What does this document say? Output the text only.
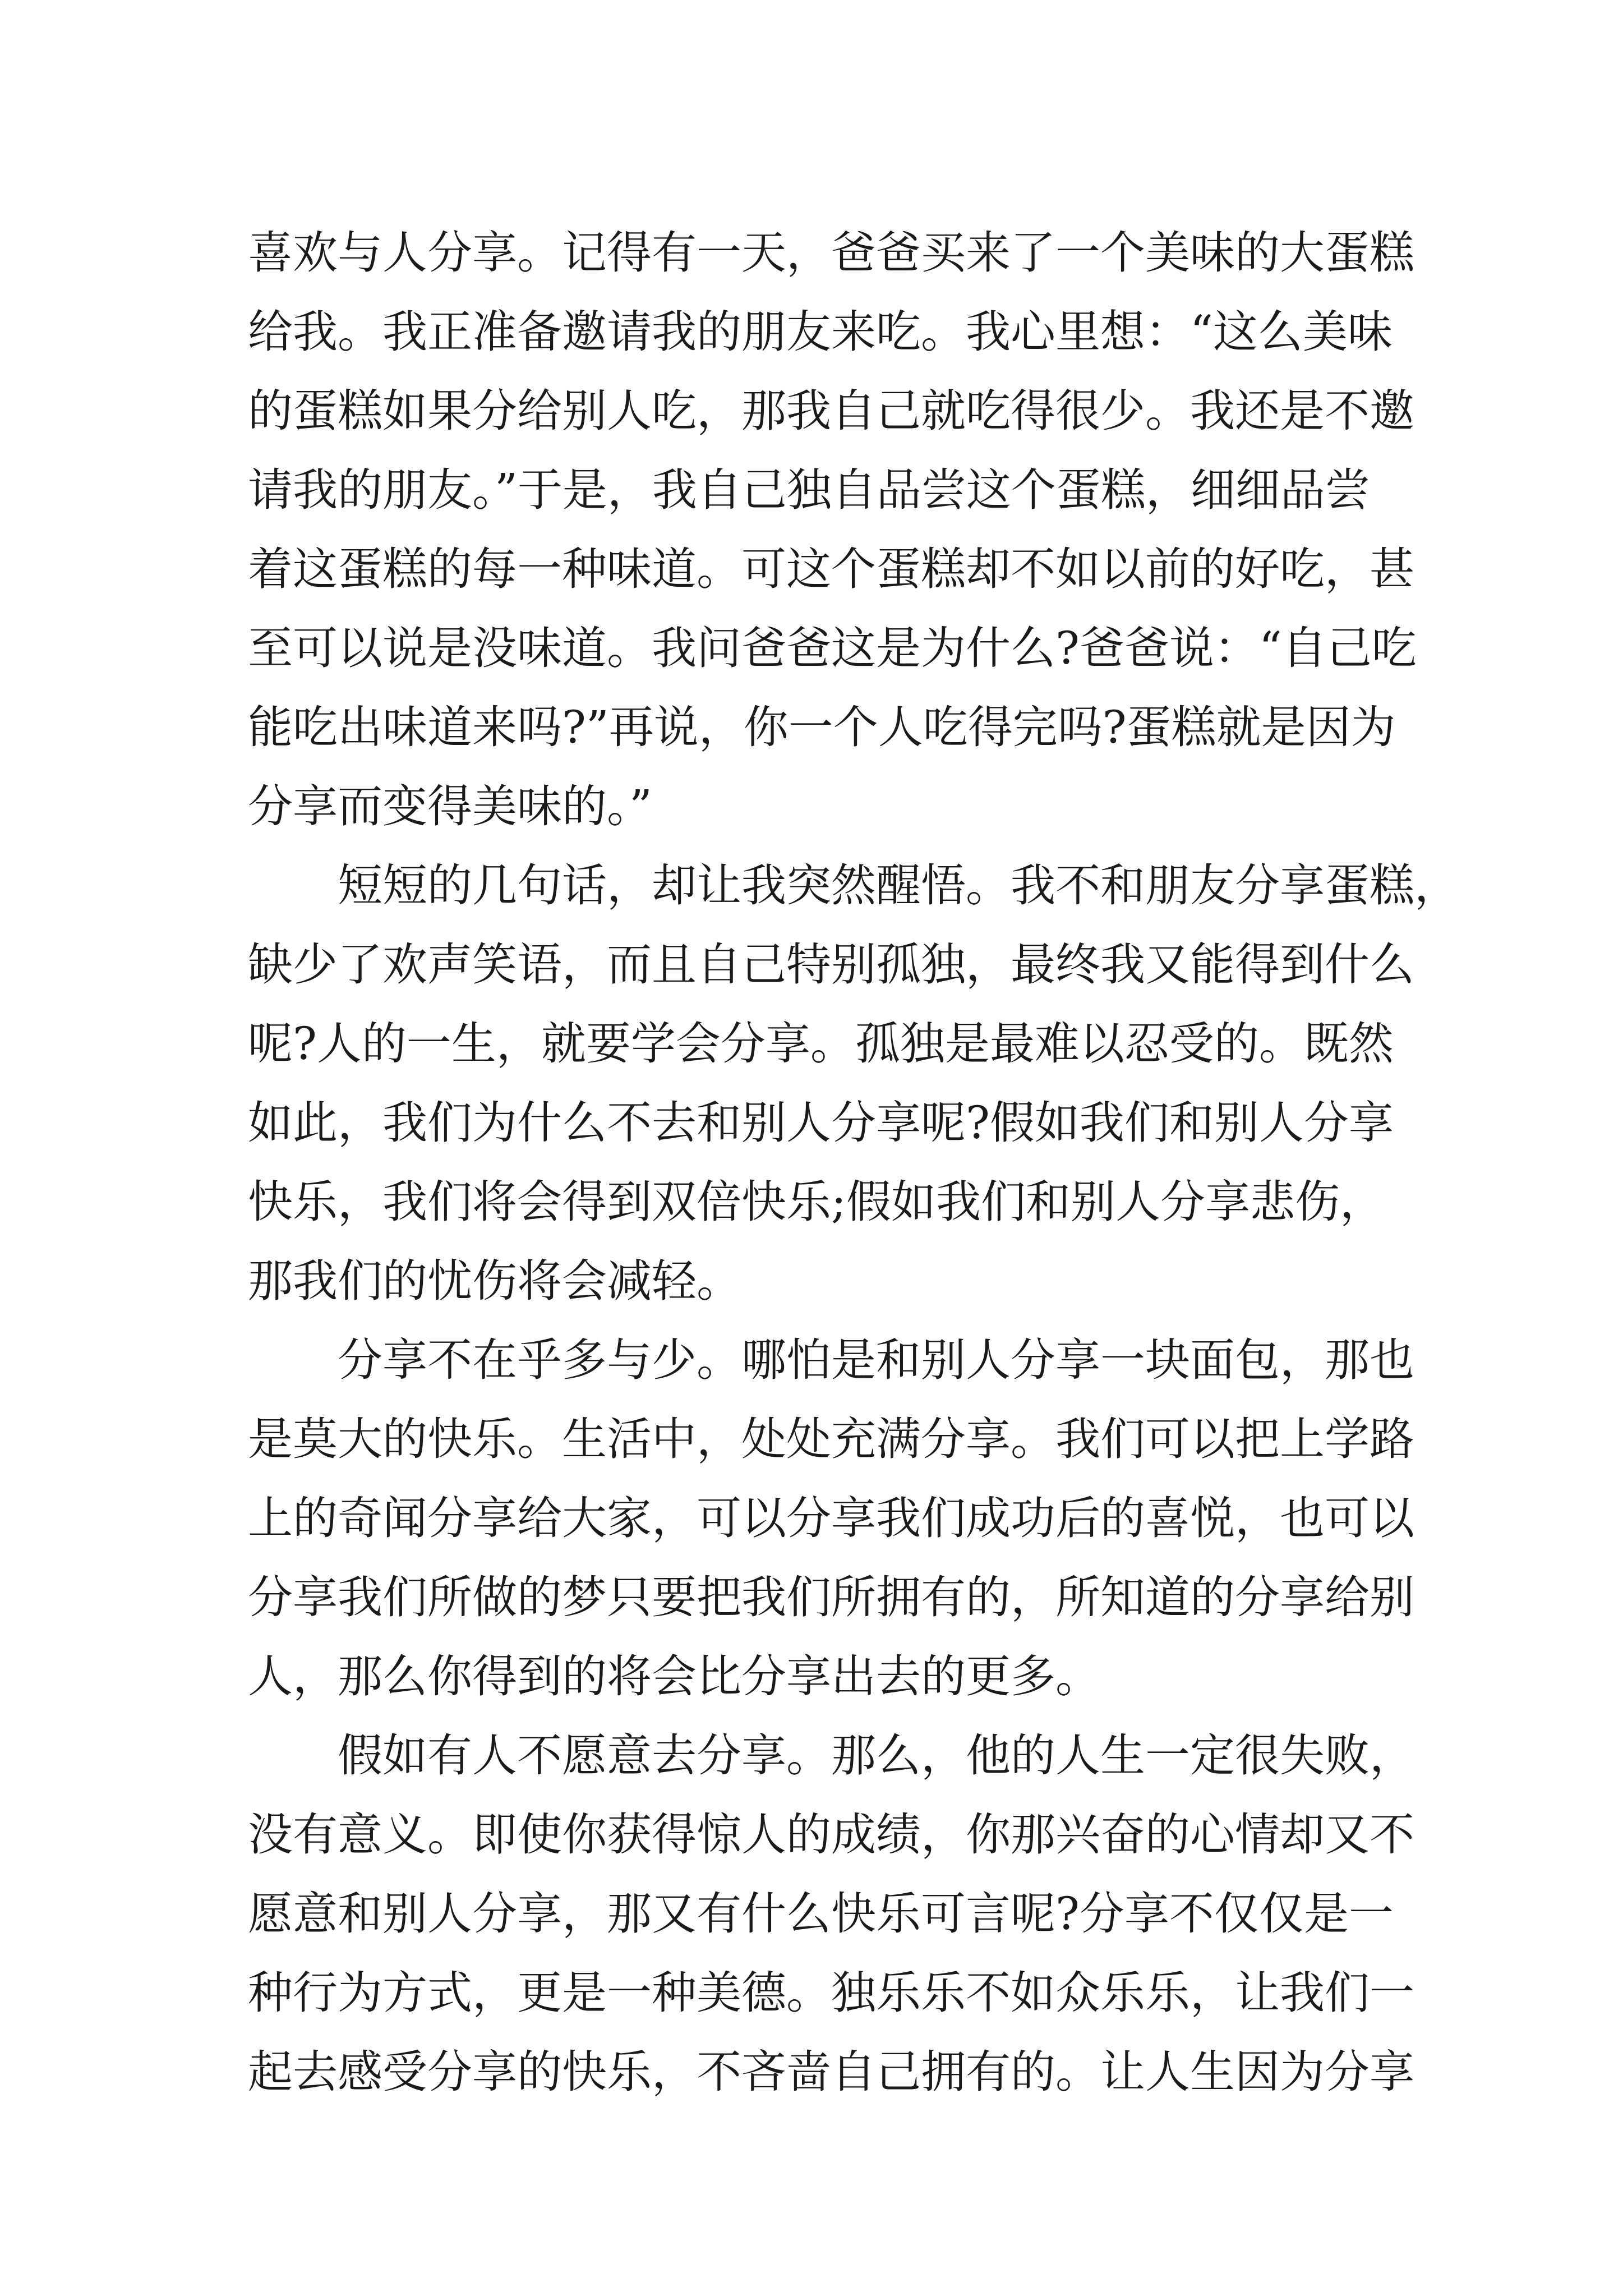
喜欢与人分享。记得有一天，爸爸买来了一个美味的大蛋糕
给我。我正准备邀请我的朋友来吃。我心里想：“这么美味
的蛋糕如果分给别人吃，那我自己就吃得很少。我还是不邀
请我的朋友。”于是，我自己独自品尝这个蛋糕，细细品尝
着这蛋糕的每一种味道。可这个蛋糕却不如以前的好吃，甚
至可以说是没味道。我问爸爸这是为什么?爸爸说：“自己吃
能吃出味道来吗?”再说，你一个人吃得完吗?蛋糕就是因为
分享而变得美味的。”

短短的几句话，却让我突然醒悟。我不和朋友分享蛋糕，
缺少了欢声笑语，而且自己特别孤独，最终我又能得到什么
呢?人的一生，就要学会分享。孤独是最难以忍受的。既然
如此，我们为什么不去和别人分享呢?假如我们和别人分享
快乐，我们将会得到双倍快乐;假如我们和别人分享悲伤，
那我们的忧伤将会减轻。

分享不在乎多与少。哪怕是和别人分享一块面包，那也
是莫大的快乐。生活中，处处充满分享。我们可以把上学路
上的奇闻分享给大家，可以分享我们成功后的喜悦，也可以
分享我们所做的梦只要把我们所拥有的，所知道的分享给别
人，那么你得到的将会比分享出去的更多。

假如有人不愿意去分享。那么，他的人生一定很失败，
没有意义。即使你获得惊人的成绩，你那兴奋的心情却又不
愿意和别人分享，那又有什么快乐可言呢?分享不仅仅是一
种行为方式，更是一种美德。独乐乐不如众乐乐，让我们一
起去感受分享的快乐，不吝啬自己拥有的。让人生因为分享
